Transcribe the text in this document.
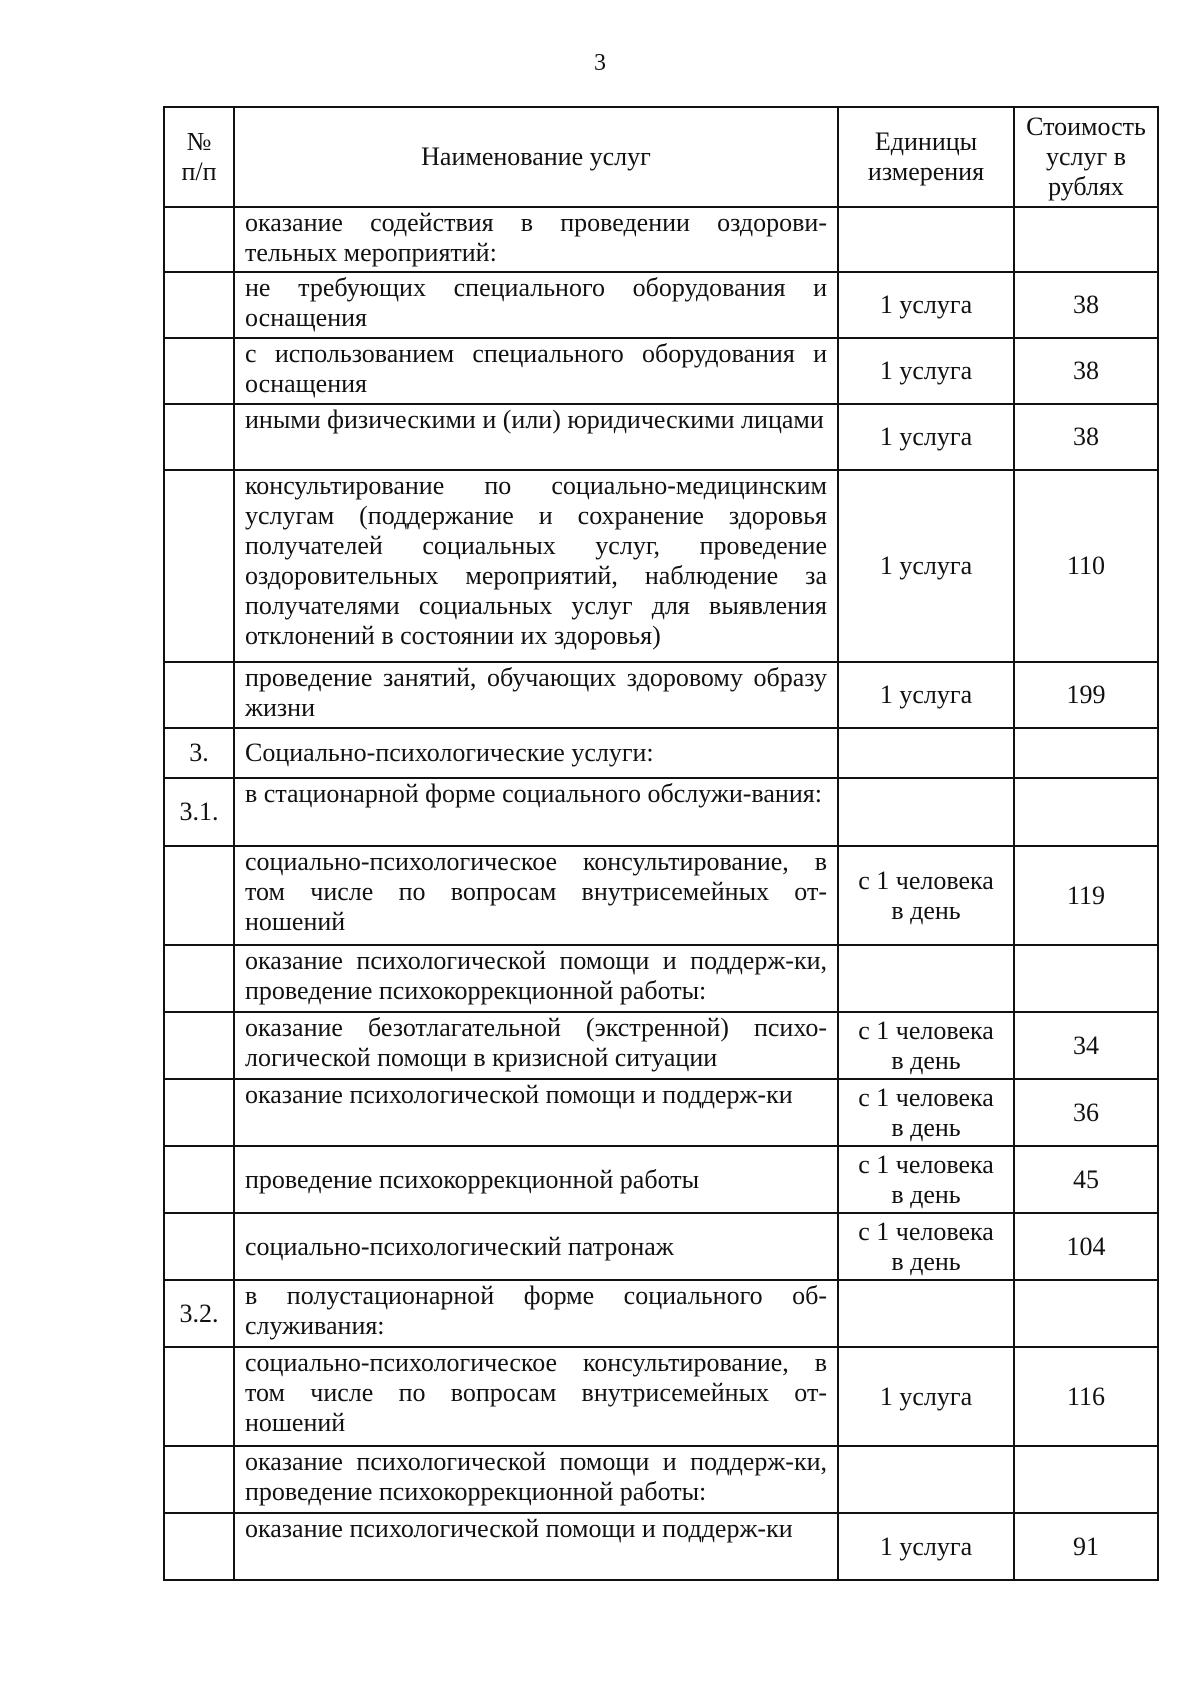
3
№ п/п	Наименование услуг	Единицы измерения	Стоимость услуг в рублях
	оказание содействия в проведении оздорови-тельных мероприятий:		
	не требующих специального оборудования и оснащения	1 услуга	38
	с использованием специального оборудования и оснащения	1 услуга	38
	иными физическими и (или) юридическими лицами	1 услуга	38
	консультирование по социально-медицинским услугам (поддержание и сохранение здоровья получателей социальных услуг, проведение оздоровительных мероприятий, наблюдение за получателями социальных услуг для выявления отклонений в состоянии их здоровья)	1 услуга	110
	проведение занятий, обучающих здоровому образу жизни	1 услуга	199
3.	Социально-психологические услуги:		
3.1.	в стационарной форме социального обслужи-вания:		
	социально-психологическое консультирование, в том числе по вопросам внутрисемейных от-ношений	с 1 человека в день	119
	оказание психологической помощи и поддерж-ки, проведение психокоррекционной работы:		
	оказание безотлагательной (экстренной) психо-логической помощи в кризисной ситуации	с 1 человека в день	34
	оказание психологической помощи и поддерж-ки	с 1 человека в день	36
	проведение психокоррекционной работы	с 1 человека в день	45
	социально-психологический патронаж	с 1 человека в день	104
3.2.	в полустационарной форме социального об-служивания:		
	социально-психологическое консультирование, в том числе по вопросам внутрисемейных от-ношений	1 услуга	116
	оказание психологической помощи и поддерж-ки, проведение психокоррекционной работы:		
	оказание психологической помощи и поддерж-ки	1 услуга	91
